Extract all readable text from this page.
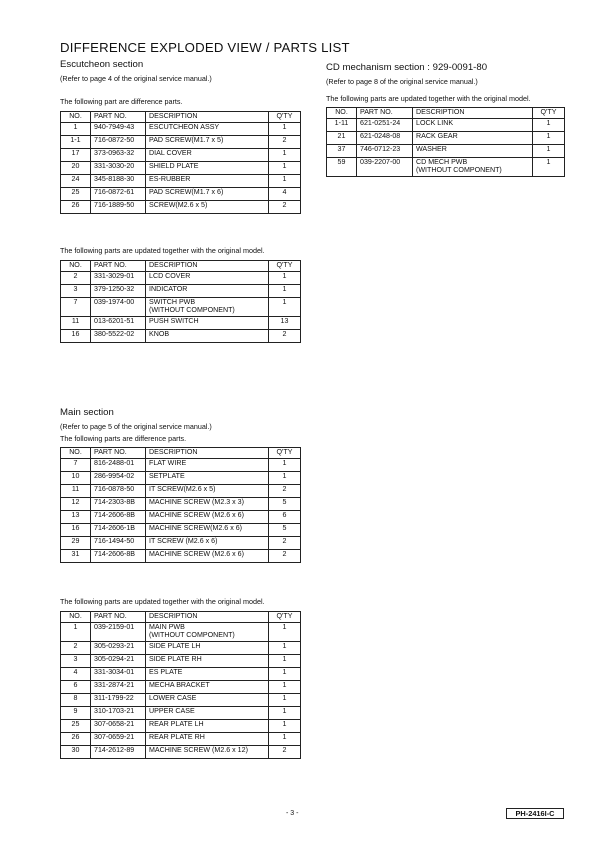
DIFFERENCE EXPLODED VIEW / PARTS LIST
Escutcheon section
(Refer to page 4 of the original service manual.)
The following part are difference parts.
NO.	PART NO.	DESCRIPTION	Q'TY
1	940-7949-43	ESCUTCHEON ASSY	1
1-1	716-0872-50	PAD SCREW(M1.7 x 5)	2
17	373-0963-32	DIAL COVER	1
20	331-3030-20	SHIELD PLATE	1
24	345-8188-30	ES-RUBBER	1
25	716-0872-61	PAD SCREW(M1.7 x 6)	4
26	716-1889-50	SCREW(M2.6 x 5)	2
The following parts are updated together with the original model.
NO.	PART NO.	DESCRIPTION	Q'TY
2	331-3029-01	LCD COVER	1
3	379-1250-32	INDICATOR	1
7	039-1974-00	SWITCH PWB
(WITHOUT COMPONENT)	1
11	013-6201-51	PUSH SWITCH	13
16	380-5522-02	KNOB	2
CD mechanism section : 929-0091-80
(Refer to page 8 of the original service manual.)
The following parts are updated together with the original model.
NO.	PART NO.	DESCRIPTION	Q'TY
1-11	621-0251-24	LOCK LINK	1
21	621-0248-08	RACK GEAR	1
37	746-0712-23	WASHER	1
59	039-2207-00	CD MECH PWB
(WITHOUT COMPONENT)	1
Main section
(Refer to page 5 of the original service manual.)
The following parts are difference parts.
NO.	PART NO.	DESCRIPTION	Q'TY
7	816-2488-01	FLAT WIRE	1
10	286-9954-02	SETPLATE	1
11	716-0878-50	IT SCREW(M2.6 x 5)	2
12	714-2303-8B	MACHINE SCREW (M2.3 x 3)	5
13	714-2606-8B	MACHINE SCREW (M2.6 x 6)	6
16	714-2606-1B	MACHINE SCREW(M2.6 x 6)	5
29	716-1494-50	IT SCREW (M2.6 x 6)	2
31	714-2606-8B	MACHINE SCREW (M2.6 x 6)	2
The following parts are updated together with the original model.
NO.	PART NO.	DESCRIPTION	Q'TY
1	039-2159-01	MAIN PWB
(WITHOUT COMPONENT)	1
2	305-0293-21	SIDE PLATE LH	1
3	305-0294-21	SIDE PLATE RH	1
4	331-3034-01	ES PLATE	1
6	331-2874-21	MECHA BRACKET	1
8	311-1799-22	LOWER CASE	1
9	310-1703-21	UPPER CASE	1
25	307-0658-21	REAR PLATE LH	1
26	307-0659-21	REAR PLATE RH	1
30	714-2612-89	MACHINE SCREW (M2.6 x 12)	2
- 3 -	PH-2416I-C
